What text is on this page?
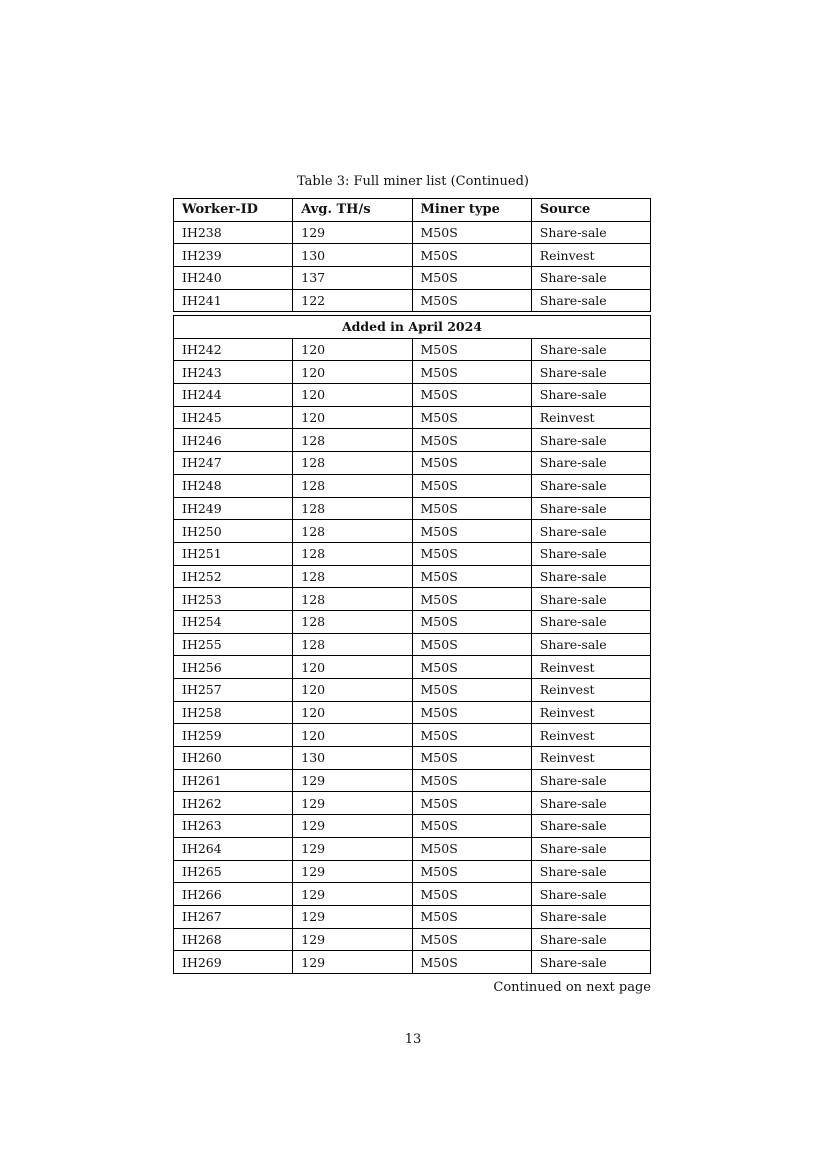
Table 3: Full miner list (Continued)
Worker-ID	Avg. TH/s	Miner type	Source
IH238	129	M50S	Share-sale
IH239	130	M50S	Reinvest
IH240	137	M50S	Share-sale
IH241	122	M50S	Share-sale
Added in April 2024			
IH242	120	M50S	Share-sale
IH243	120	M50S	Share-sale
IH244	120	M50S	Share-sale
IH245	120	M50S	Reinvest
IH246	128	M50S	Share-sale
IH247	128	M50S	Share-sale
IH248	128	M50S	Share-sale
IH249	128	M50S	Share-sale
IH250	128	M50S	Share-sale
IH251	128	M50S	Share-sale
IH252	128	M50S	Share-sale
IH253	128	M50S	Share-sale
IH254	128	M50S	Share-sale
IH255	128	M50S	Share-sale
IH256	120	M50S	Reinvest
IH257	120	M50S	Reinvest
IH258	120	M50S	Reinvest
IH259	120	M50S	Reinvest
IH260	130	M50S	Reinvest
IH261	129	M50S	Share-sale
IH262	129	M50S	Share-sale
IH263	129	M50S	Share-sale
IH264	129	M50S	Share-sale
IH265	129	M50S	Share-sale
IH266	129	M50S	Share-sale
IH267	129	M50S	Share-sale
IH268	129	M50S	Share-sale
IH269	129	M50S	Share-sale
Continued on next page
13
